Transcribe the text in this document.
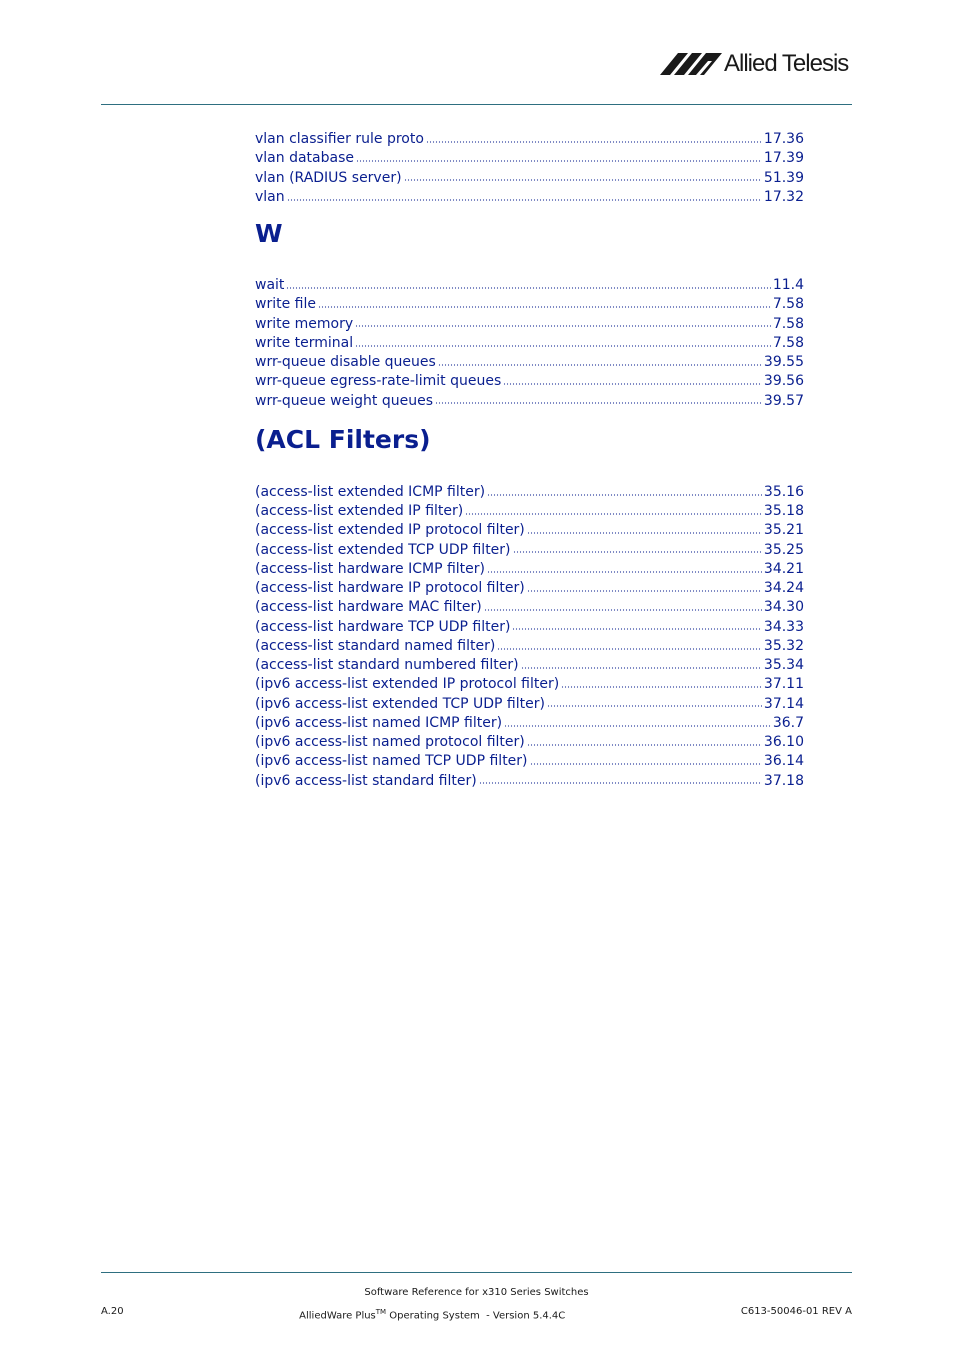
Allied Telesis
vlan classifier rule proto	17.36
vlan database	17.39
vlan (RADIUS server)	51.39
vlan	17.32
W
wait	11.4
write file	7.58
write memory	7.58
write terminal	7.58
wrr-queue disable queues	39.55
wrr-queue egress-rate-limit queues	39.56
wrr-queue weight queues	39.57
(ACL Filters)
(access-list extended ICMP filter)	35.16
(access-list extended IP filter)	35.18
(access-list extended IP protocol filter)	35.21
(access-list extended TCP UDP filter)	35.25
(access-list hardware ICMP filter)	34.21
(access-list hardware IP protocol filter)	34.24
(access-list hardware MAC filter)	34.30
(access-list hardware TCP UDP filter)	34.33
(access-list standard named filter)	35.32
(access-list standard numbered filter)	35.34
(ipv6 access-list extended IP protocol filter)	37.11
(ipv6 access-list extended TCP UDP filter)	37.14
(ipv6 access-list named ICMP filter)	36.7
(ipv6 access-list named protocol filter)	36.10
(ipv6 access-list named TCP UDP filter)	36.14
(ipv6 access-list standard filter)	37.18
Software Reference for x310 Series Switches
A.20	AlliedWare Plus™ Operating System  - Version 5.4.4C	C613-50046-01 REV A
